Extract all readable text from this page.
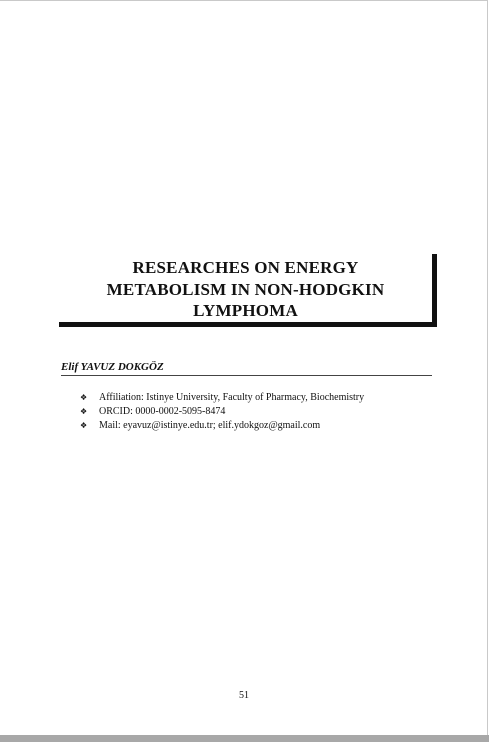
RESEARCHES ON ENERGY
METABOLISM IN NON-HODGKIN
LYMPHOMA
Elif YAVUZ DOKGÖZ
❖ Affiliation: Istinye University, Faculty of Pharmacy, Biochemistry
❖ ORCID: 0000-0002-5095-8474
❖ Mail: eyavuz@istinye.edu.tr; elif.ydokgoz@gmail.com
51
